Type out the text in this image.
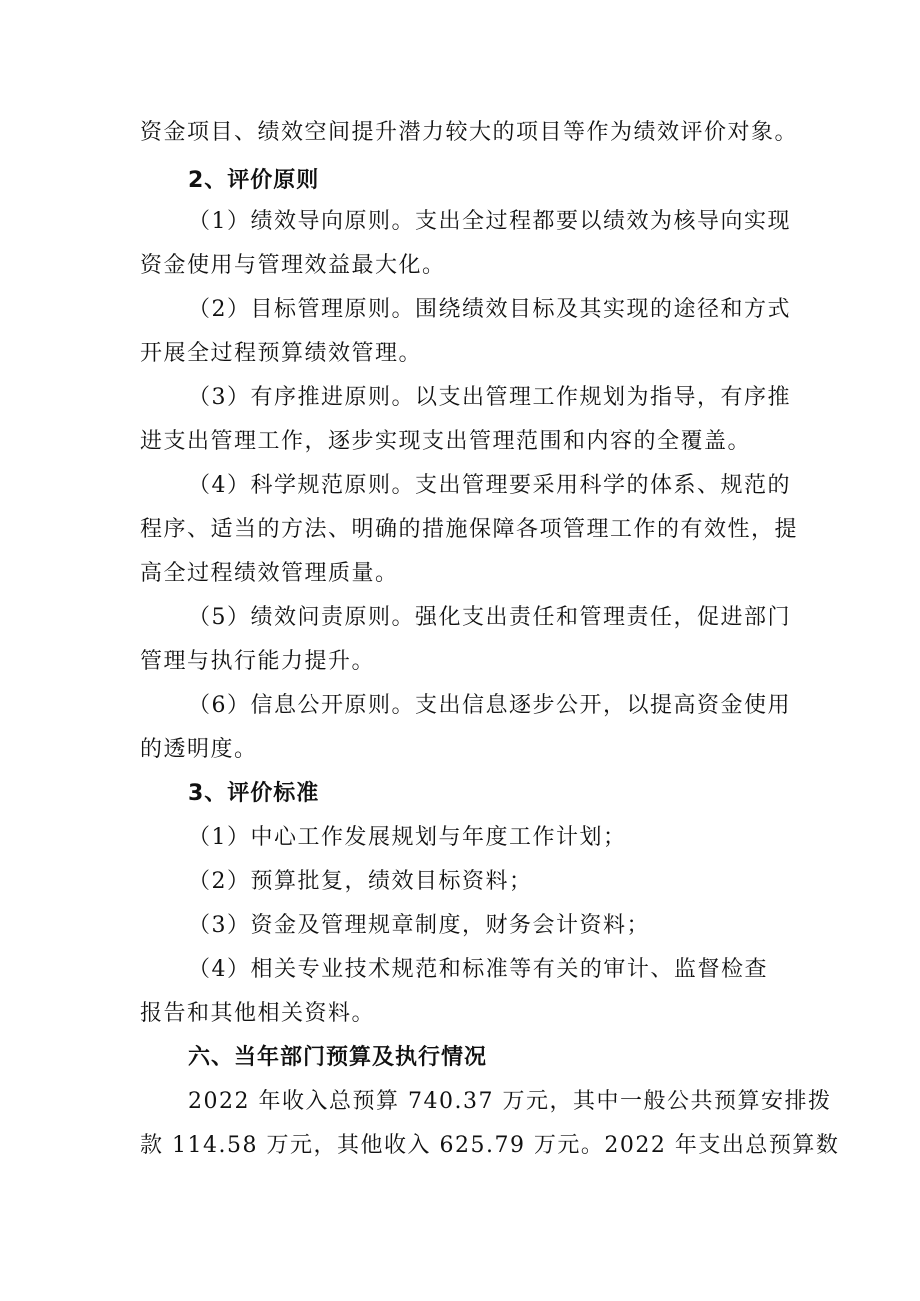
资金项目、绩效空间提升潜力较大的项目等作为绩效评价对象。
2、评价原则
（1）绩效导向原则。支出全过程都要以绩效为核导向实现
资金使用与管理效益最大化。
（2）目标管理原则。围绕绩效目标及其实现的途径和方式
开展全过程预算绩效管理。
（3）有序推进原则。以支出管理工作规划为指导，有序推
进支出管理工作，逐步实现支出管理范围和内容的全覆盖。
（4）科学规范原则。支出管理要采用科学的体系、规范的
程序、适当的方法、明确的措施保障各项管理工作的有效性，提
高全过程绩效管理质量。
（5）绩效问责原则。强化支出责任和管理责任，促进部门
管理与执行能力提升。
（6）信息公开原则。支出信息逐步公开，以提高资金使用
的透明度。
3、评价标准
（1）中心工作发展规划与年度工作计划；
（2）预算批复，绩效目标资料；
（3）资金及管理规章制度，财务会计资料；
（4）相关专业技术规范和标准等有关的审计、监督检查
报告和其他相关资料。
六、当年部门预算及执行情况
2022 年收入总预算 740.37 万元，其中一般公共预算安排拨
款 114.58 万元，其他收入 625.79 万元。2022 年支出总预算数
